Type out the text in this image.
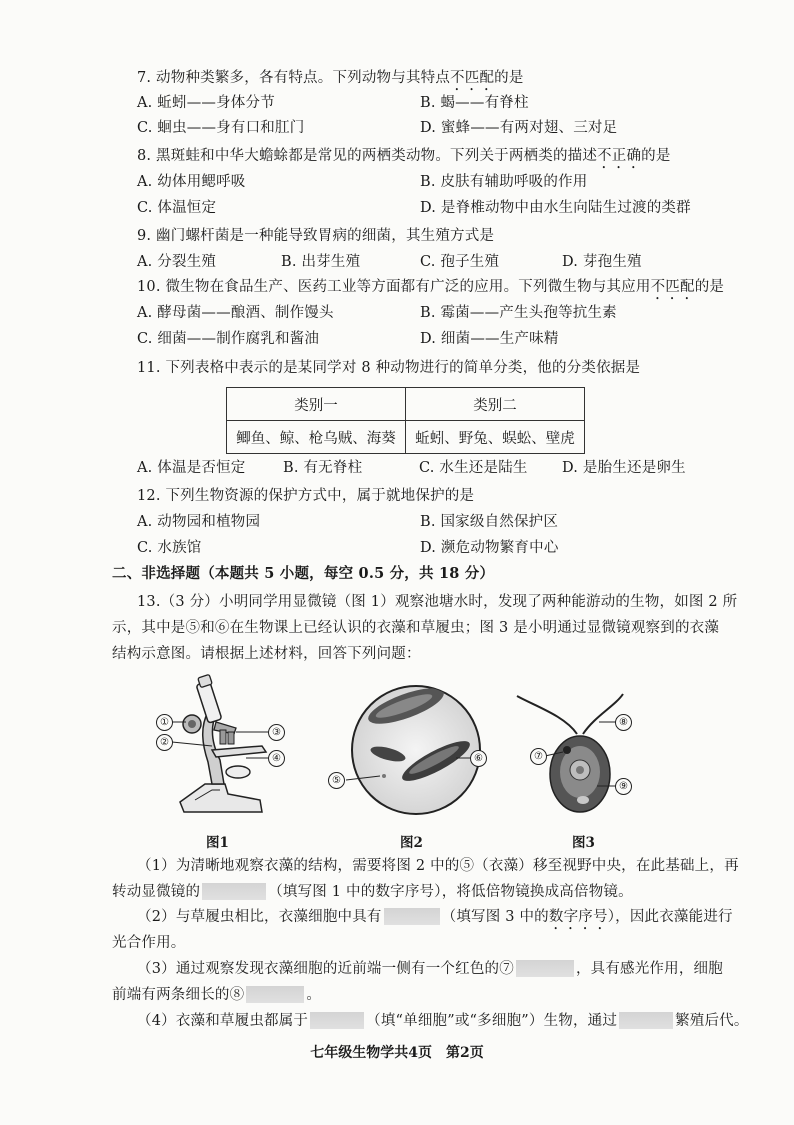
7. 动物种类繁多，各有特点。下列动物与其特点不匹配的是
A. 蚯蚓——身体分节	B. 蝎——有脊柱
C. 蛔虫——身有口和肛门	D. 蜜蜂——有两对翅、三对足
8. 黑斑蛙和中华大蟾蜍都是常见的两栖类动物。下列关于两栖类的描述不正确的是
A. 幼体用鳃呼吸	B. 皮肤有辅助呼吸的作用
C. 体温恒定	D. 是脊椎动物中由水生向陆生过渡的类群
9. 幽门螺杆菌是一种能导致胃病的细菌，其生殖方式是
A. 分裂生殖	B. 出芽生殖	C. 孢子生殖	D. 芽孢生殖
10. 微生物在食品生产、医药工业等方面都有广泛的应用。下列微生物与其应用不匹配的是
A. 酵母菌——酿酒、制作馒头	B. 霉菌——产生头孢等抗生素
C. 细菌——制作腐乳和酱油	D. 细菌——生产味精
11. 下列表格中表示的是某同学对 8 种动物进行的简单分类，他的分类依据是
类别一	类别二
鲫鱼、鲸、枪乌贼、海葵	蚯蚓、野兔、蜈蚣、壁虎
A. 体温是否恒定	B. 有无脊柱	C. 水生还是陆生 D. 是胎生还是卵生
12. 下列生物资源的保护方式中，属于就地保护的是
A. 动物园和植物园	B. 国家级自然保护区
C. 水族馆	D. 濒危动物繁育中心
二、非选择题（本题共 5 小题，每空 0.5 分，共 18 分）
13.（3 分）小明同学用显微镜（图 1）观察池塘水时，发现了两种能游动的生物，如图 2 所
示，其中是⑤和⑥在生物课上已经认识的衣藻和草履虫；图 3 是小明通过显微镜观察到的衣藻
结构示意图。请根据上述材料，回答下列问题：
①
②
③
④
图1
⑤
⑥
图2
⑧
⑦
⑨
图3
（1）为清晰地观察衣藻的结构，需要将图 2 中的⑤（衣藻）移至视野中央，在此基础上，再
转动显微镜的	（填写图 1 中的数字序号），将低倍物镜换成高倍物镜。
（2）与草履虫相比，衣藻细胞中具有	（填写图 3 中的数字序号），因此衣藻能进行
光合作用。
（3）通过观察发现衣藻细胞的近前端一侧有一个红色的⑦	，具有感光作用，细胞
前端有两条细长的⑧	。
（4）衣藻和草履虫都属于	（填“单细胞”或“多细胞”）生物，通过	繁殖后代。
七年级生物学共4页　第2页
